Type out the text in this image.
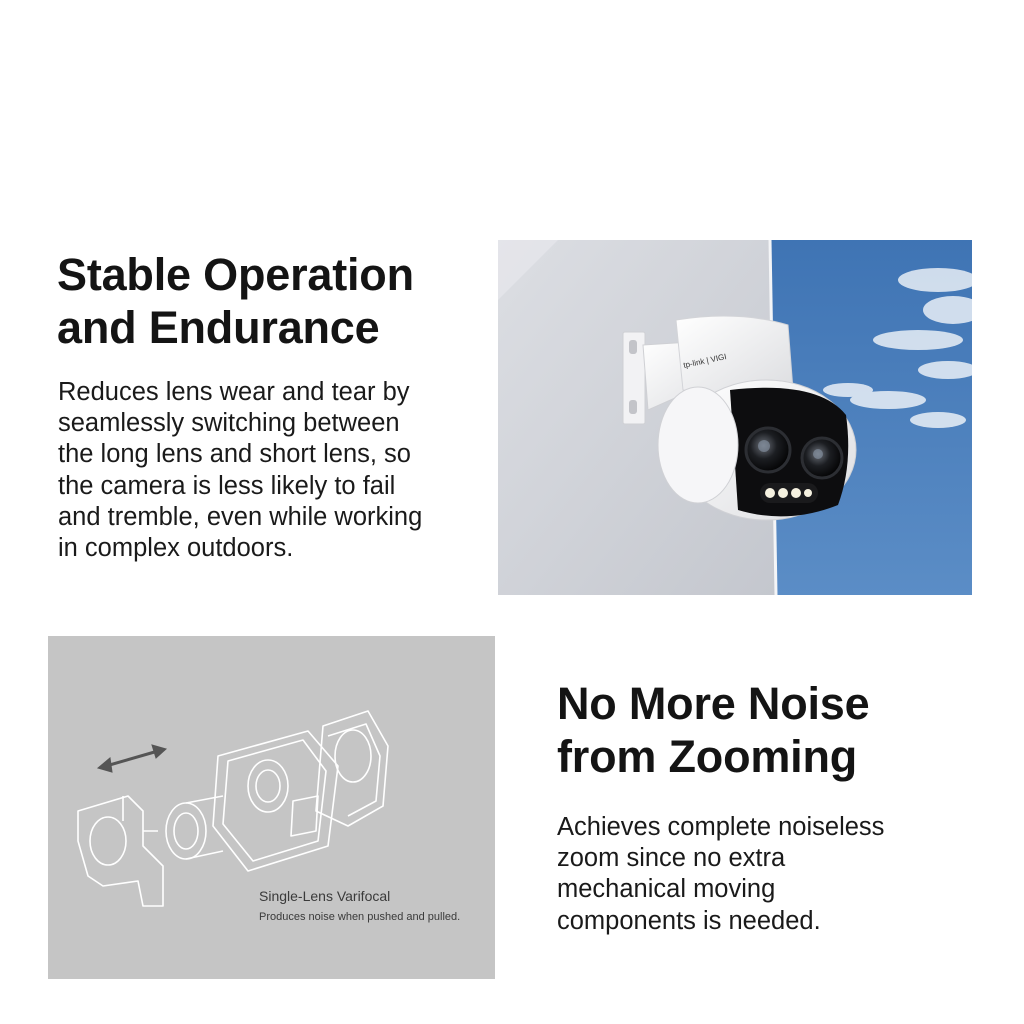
Stable Operation
and Endurance
Reduces lens wear and tear by
seamlessly switching between
the long lens and short lens, so
the camera is less likely to fail
and tremble, even while working
in complex outdoors.
tp-link | VIGI
Single-Lens Varifocal
Produces noise when pushed and pulled.
No More Noise
from Zooming
Achieves complete noiseless
zoom since no extra
mechanical moving
components is needed.
